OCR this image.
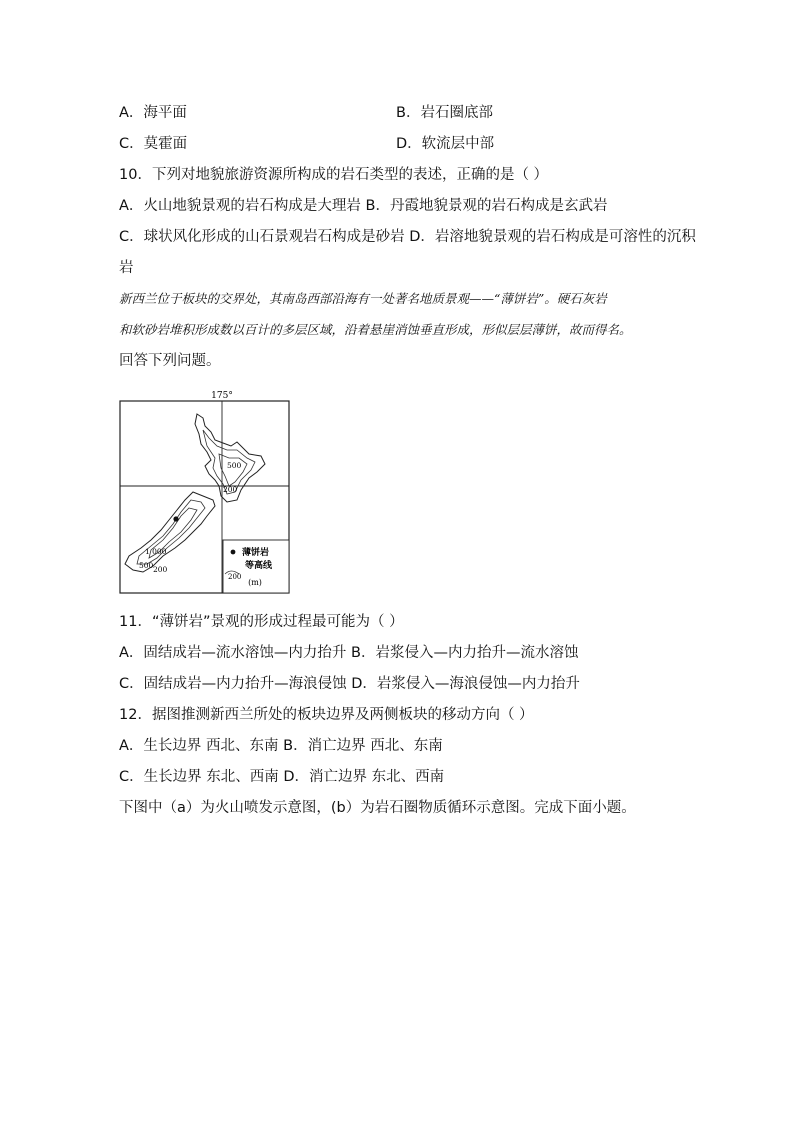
A．海平面	B．岩石圈底部
C．莫霍面	D．软流层中部
10．下列对地貌旅游资源所构成的岩石类型的表述，正确的是（ ）
A．火山地貌景观的岩石构成是大理岩 B．丹霞地貌景观的岩石构成是玄武岩
C．球状风化形成的山石景观岩石构成是砂岩 D．岩溶地貌景观的岩石构成是可溶性的沉积
岩
新西兰位于板块的交界处，其南岛西部沿海有一处著名地质景观——“薄饼岩”。硬石灰岩
和软砂岩堆积形成数以百计的多层区域，沿着悬崖消蚀垂直形成，形似层层薄饼，故而得名。
回答下列问题。
175°
500
200
1 000
500 200
薄饼岩
200
等高线
(m)
11．“薄饼岩”景观的形成过程最可能为（ ）
A．固结成岩—流水溶蚀—内力抬升 B．岩浆侵入—内力抬升—流水溶蚀
C．固结成岩—内力抬升—海浪侵蚀 D．岩浆侵入—海浪侵蚀—内力抬升
12．据图推测新西兰所处的板块边界及两侧板块的移动方向（ ）
A．生长边界 西北、东南 B．消亡边界 西北、东南
C．生长边界 东北、西南 D．消亡边界 东北、西南
下图中（a）为火山喷发示意图，(b）为岩石圈物质循环示意图。完成下面小题。
